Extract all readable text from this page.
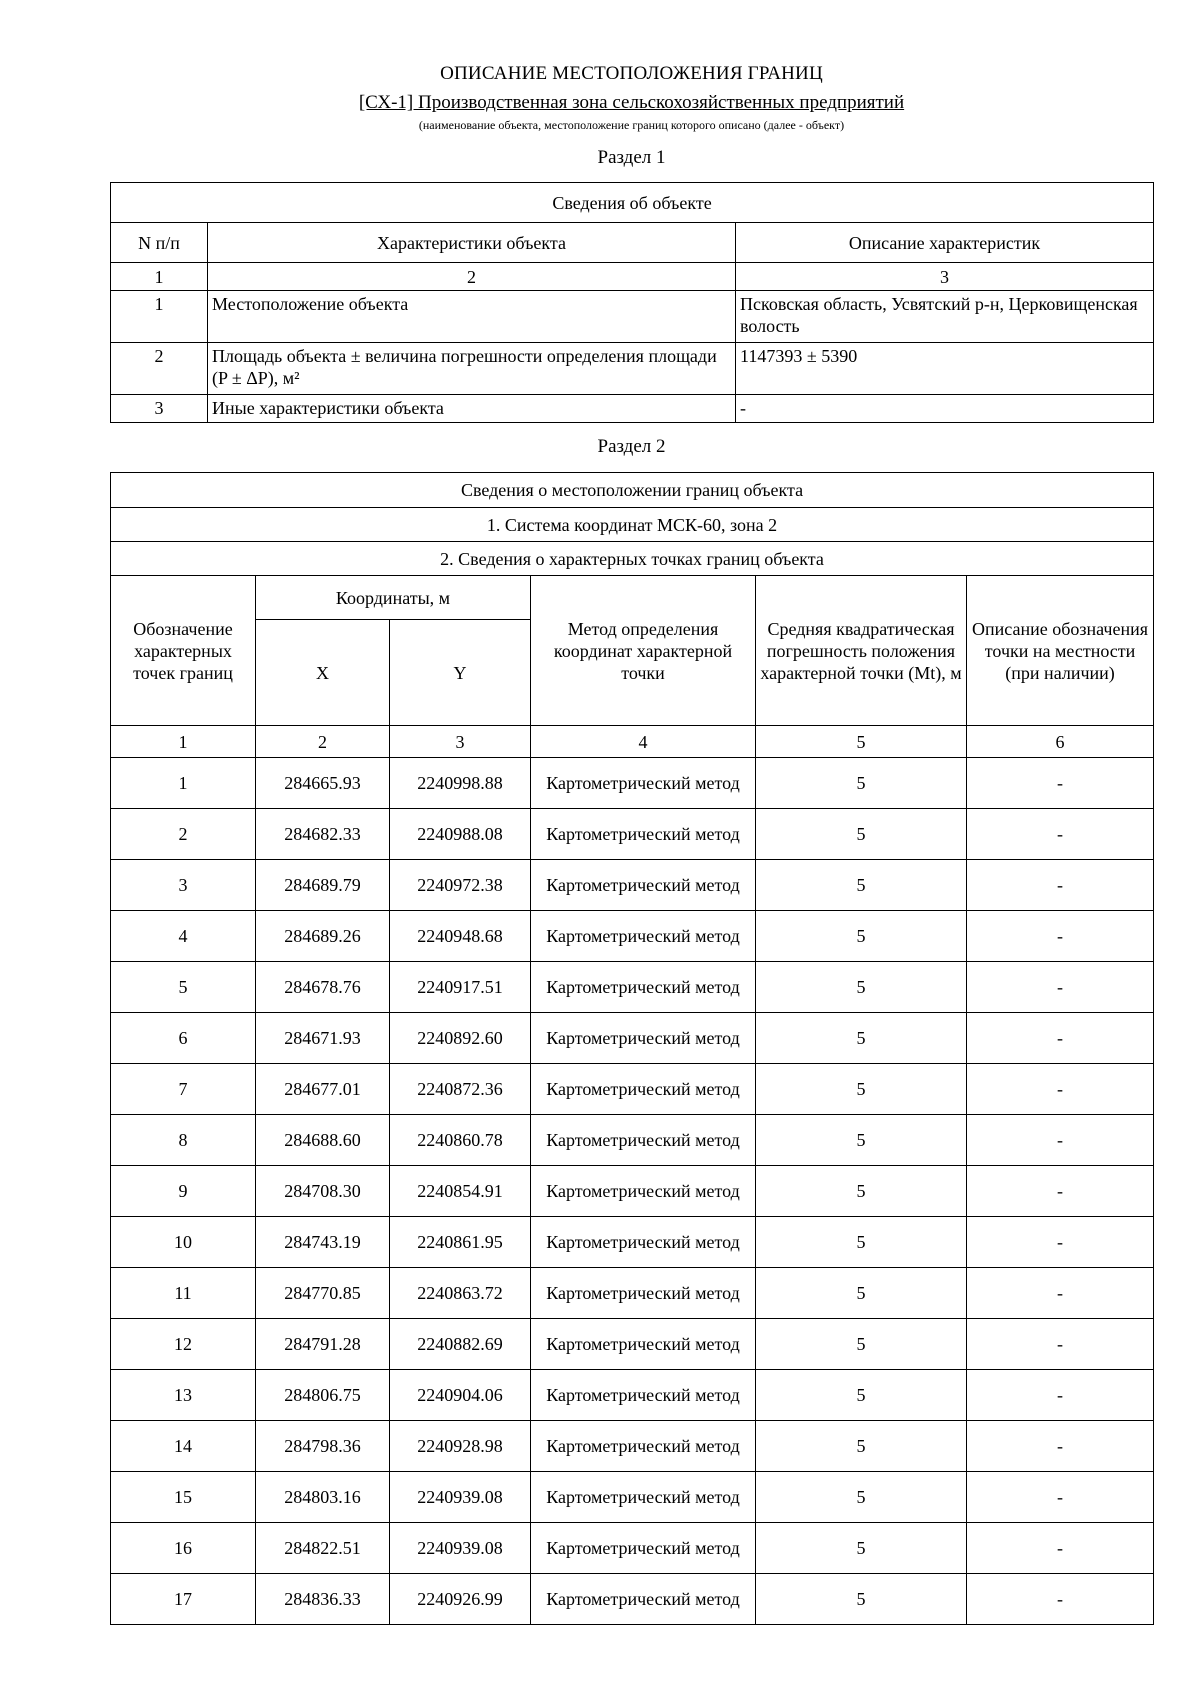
ОПИСАНИЕ МЕСТОПОЛОЖЕНИЯ ГРАНИЦ
[СХ-1] Производственная зона сельскохозяйственных предприятий
(наименование объекта, местоположение границ которого описано (далее - объект)
Раздел 1
Сведения об объекте		
N п/п	Характеристики объекта	Описание характеристик
1	2	3
1	Местоположение объекта	Псковская область, Усвятский р-н, Церковищенская волость
2	Площадь объекта ± величина погрешности определения площади (P ± ΔP), м²	1147393 ± 5390
3	Иные характеристики объекта	-
Раздел 2
Сведения о местоположении границ объекта					
1. Система координат МСК-60, зона 2					
2. Сведения о характерных точках границ объекта					
Обозначение характерных точек границ	Координаты, м		Метод определения координат характерной точки	Средняя квадратическая погрешность положения характерной точки (Mt), м	Описание обозначения точки на местности (при наличии)
	X	Y			
1	2	3	4	5	6
1	284665.93	2240998.88	Картометрический метод	5	-
2	284682.33	2240988.08	Картометрический метод	5	-
3	284689.79	2240972.38	Картометрический метод	5	-
4	284689.26	2240948.68	Картометрический метод	5	-
5	284678.76	2240917.51	Картометрический метод	5	-
6	284671.93	2240892.60	Картометрический метод	5	-
7	284677.01	2240872.36	Картометрический метод	5	-
8	284688.60	2240860.78	Картометрический метод	5	-
9	284708.30	2240854.91	Картометрический метод	5	-
10	284743.19	2240861.95	Картометрический метод	5	-
11	284770.85	2240863.72	Картометрический метод	5	-
12	284791.28	2240882.69	Картометрический метод	5	-
13	284806.75	2240904.06	Картометрический метод	5	-
14	284798.36	2240928.98	Картометрический метод	5	-
15	284803.16	2240939.08	Картометрический метод	5	-
16	284822.51	2240939.08	Картометрический метод	5	-
17	284836.33	2240926.99	Картометрический метод	5	-
